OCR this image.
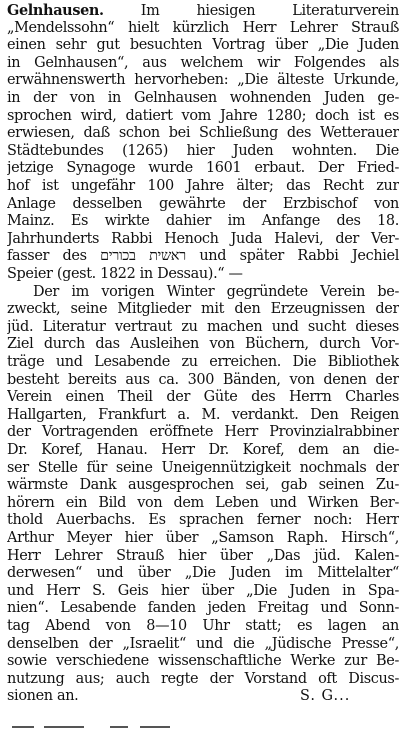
Gelnhausen.	Im hiesigen Literaturverein
„Mendelssohn“ hielt kürzlich Herr Lehrer Strauß
einen sehr gut besuchten Vortrag über „Die Juden
in Gelnhausen“, aus welchem wir Folgendes als
erwähnenswerth hervorheben: „Die älteste Urkunde,
in der von in Gelnhausen wohnenden Juden ge-
sprochen wird, datiert vom Jahre 1280; doch ist es
erwiesen, daß schon bei Schließung des Wetterauer
Städtebundes (1265) hier Juden wohnten. Die
jetzige Synagoge wurde 1601 erbaut. Der Fried-
hof ist ungefähr 100 Jahre älter; das Recht zur
Anlage desselben gewährte der Erzbischof von
Mainz. Es wirkte dahier im Anfange des 18.
Jahrhunderts Rabbi Henoch Juda Halevi, der Ver-
fasser des ראשית בכורים und später Rabbi Jechiel
Speier (gest. 1822 in Dessau).“ —
Der im vorigen Winter gegründete Verein be-
zweckt, seine Mitglieder mit den Erzeugnissen der
jüd. Literatur vertraut zu machen und sucht dieses
Ziel durch das Ausleihen von Büchern, durch Vor-
träge und Lesabende zu erreichen. Die Bibliothek
besteht bereits aus ca. 300 Bänden, von denen der
Verein einen Theil der Güte des Herrn Charles
Hallgarten, Frankfurt a. M. verdankt. Den Reigen
der Vortragenden eröffnete Herr Provinzialrabbiner
Dr. Koref, Hanau. Herr Dr. Koref, dem an die-
ser Stelle für seine Uneigennützigkeit nochmals der
wärmste Dank ausgesprochen sei, gab seinen Zu-
hörern ein Bild von dem Leben und Wirken Ber-
thold Auerbachs. Es sprachen ferner noch: Herr
Arthur Meyer hier über „Samson Raph. Hirsch“,
Herr Lehrer Strauß hier über „Das jüd. Kalen-
derwesen“ und über „Die Juden im Mittelalter“
und Herr S. Geis hier über „Die Juden in Spa-
nien“. Lesabende fanden jeden Freitag und Sonn-
tag Abend von 8—10 Uhr statt; es lagen an
denselben der „Israelit“ und die „Jüdische Presse“,
sowie verschiedene wissenschaftliche Werke zur Be-
nutzung aus; auch regte der Vorstand oft Discus-
sionen an.	S. G...
